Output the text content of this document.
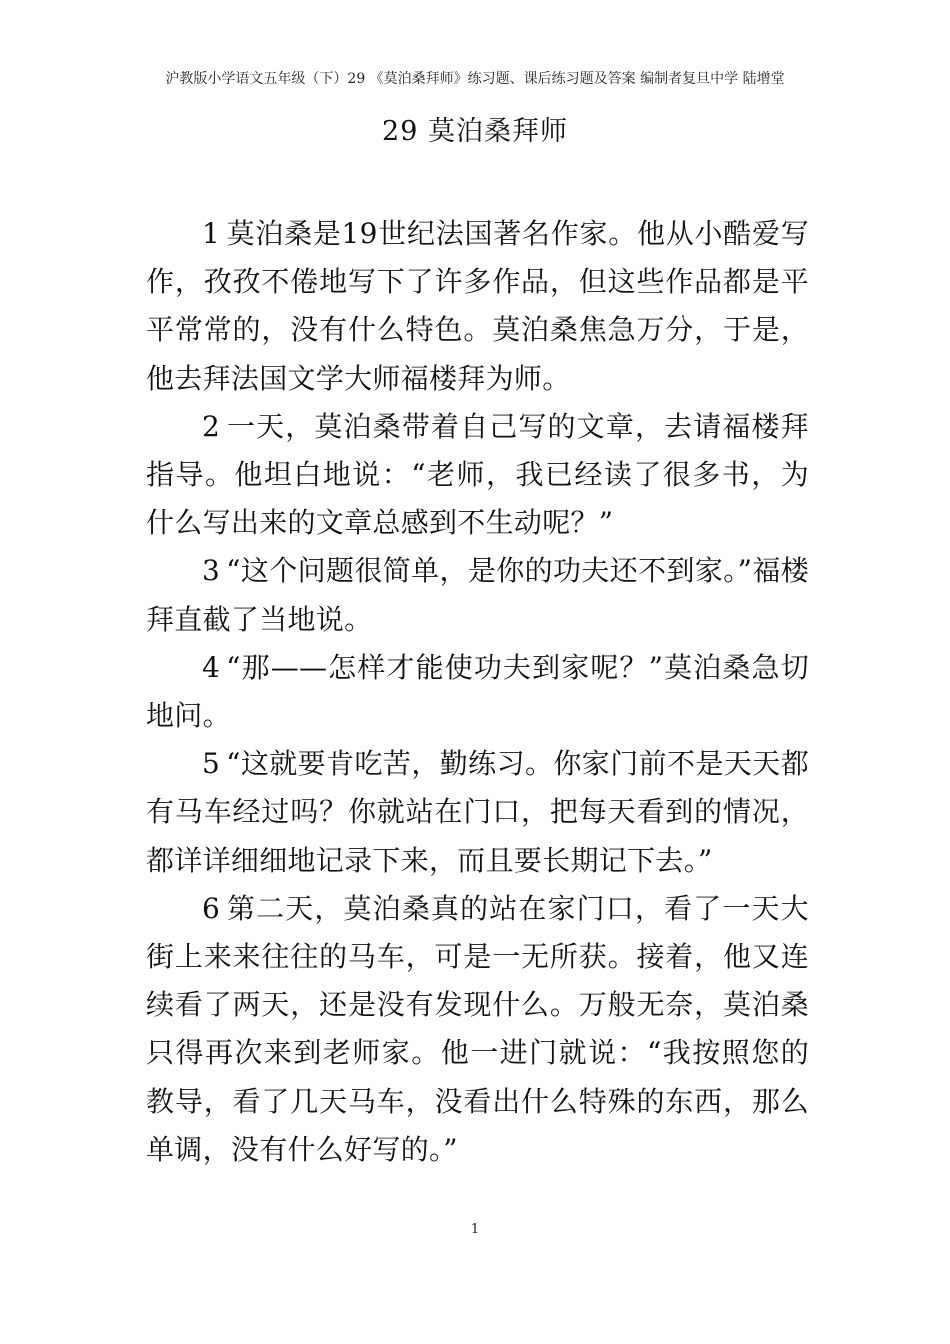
沪教版小学语文五年级（下）29 《莫泊桑拜师》练习题、课后练习题及答案 编制者复旦中学 陆增堂
29 莫泊桑拜师

1 莫泊桑是19世纪法国著名作家。他从小酷爱写作，孜孜不倦地写下了许多作品，但这些作品都是平平常常的，没有什么特色。莫泊桑焦急万分，于是，他去拜法国文学大师福楼拜为师。

2 一天，莫泊桑带着自己写的文章，去请福楼拜指导。他坦白地说：“老师，我已经读了很多书，为什么写出来的文章总感到不生动呢？”

3 “这个问题很简单，是你的功夫还不到家。”福楼拜直截了当地说。

4 “那——怎样才能使功夫到家呢？”莫泊桑急切地问。

5 “这就要肯吃苦，勤练习。你家门前不是天天都有马车经过吗？你就站在门口，把每天看到的情况，都详详细细地记录下来，而且要长期记下去。”

6 第二天，莫泊桑真的站在家门口，看了一天大街上来来往往的马车，可是一无所获。接着，他又连续看了两天，还是没有发现什么。万般无奈，莫泊桑只得再次来到老师家。他一进门就说：“我按照您的教导，看了几天马车，没看出什么特殊的东西，那么单调，没有什么好写的。”

1
